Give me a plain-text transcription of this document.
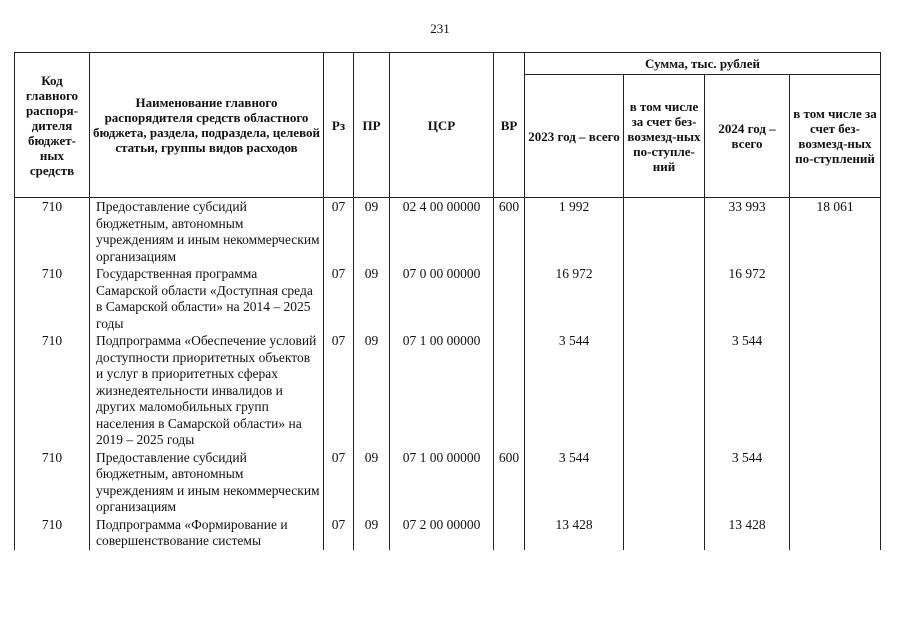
231
Код главного распоря-дителя бюджет-ных средств	Наименование главного распорядителя средств областного бюджета, раздела, подраздела, целевой статьи, группы видов расходов	Рз	ПР	ЦСР	ВР	Сумма, тыс. рублей			
						2023 год – всего	в том числе за счет без-возмезд-ных по-ступле-ний	2024 год – всего	в том числе за счет без-возмезд-ных по-ступлений
710	Предоставление субсидий бюджетным, автономным учреждениям и иным некоммерческим организациям	07	09	02 4 00 00000	600	1 992		33 993	18 061
710	Государственная программа Самарской области «Доступная среда в Самарской области» на 2014 – 2025 годы	07	09	07 0 00 00000		16 972		16 972	
710	Подпрограмма «Обеспечение условий доступности приоритетных объектов и услуг в приоритетных сферах жизнедеятельности инвалидов и других маломобильных групп населения в Самарской области» на 2019 – 2025 годы	07	09	07 1 00 00000		3 544		3 544	
710	Предоставление субсидий бюджетным, автономным учреждениям и иным некоммерческим организациям	07	09	07 1 00 00000	600	3 544		3 544	
710	Подпрограмма «Формирование и совершенствование системы	07	09	07 2 00 00000		13 428		13 428	
